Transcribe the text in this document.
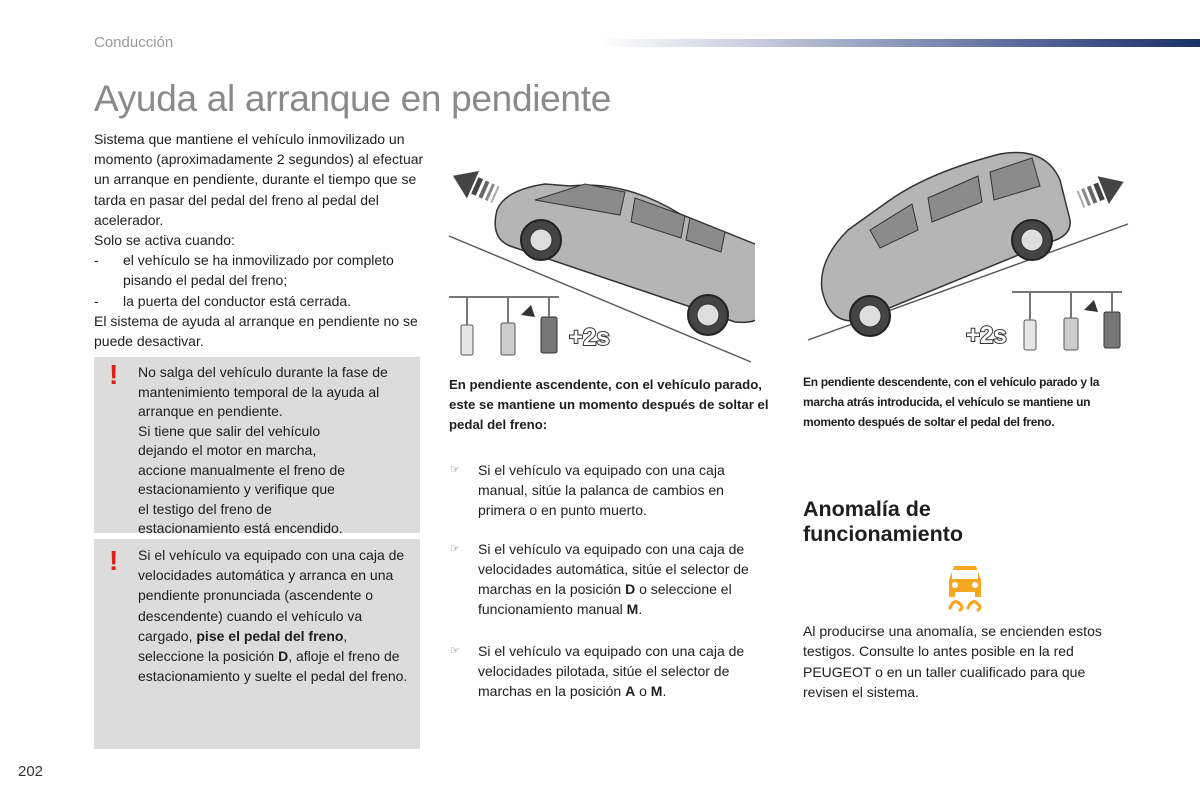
Conducción
Ayuda al arranque en pendiente

Sistema que mantiene el vehículo inmovilizado un momento (aproximadamente 2 segundos) al efectuar un arranque en pendiente, durante el tiempo que se tarda en pasar del pedal del freno al pedal del acelerador.

Solo se activa cuando:

- el vehículo se ha inmovilizado por completo pisando el pedal del freno;
- la puerta del conductor está cerrada.

El sistema de ayuda al arranque en pendiente no se puede desactivar.

! No salga del vehículo durante la fase de mantenimiento temporal de la ayuda al arranque en pendiente.

Si tiene que salir del vehículo dejando el motor en marcha, accione manualmente el freno de estacionamiento y verifique que el testigo del freno de estacionamiento está encendido.

! Si el vehículo va equipado con una caja de velocidades automática y arranca en una pendiente pronunciada (ascendente o descendente) cuando el vehículo va cargado, pise el pedal del freno, seleccione la posición D, afloje el freno de estacionamiento y suelte el pedal del freno.
+2s
En pendiente ascendente, con el vehículo parado, este se mantiene un momento después de soltar el pedal del freno:
+2s
En pendiente descendente, con el vehículo parado y la marcha atrás introducida, el vehículo se mantiene un momento después de soltar el pedal del freno.
☞	Si el vehículo va equipado con una caja manual, sitúe la palanca de cambios en primera o en punto muerto.
☞	Si el vehículo va equipado con una caja de velocidades automática, sitúe el selector de marchas en la posición D o seleccione el funcionamiento manual M.
☞	Si el vehículo va equipado con una caja de velocidades pilotada, sitúe el selector de marchas en la posición A o M.
Anomalía de
funcionamiento
Al producirse una anomalía, se encienden estos testigos. Consulte lo antes posible en la red PEUGEOT o en un taller cualificado para que revisen el sistema.
202
